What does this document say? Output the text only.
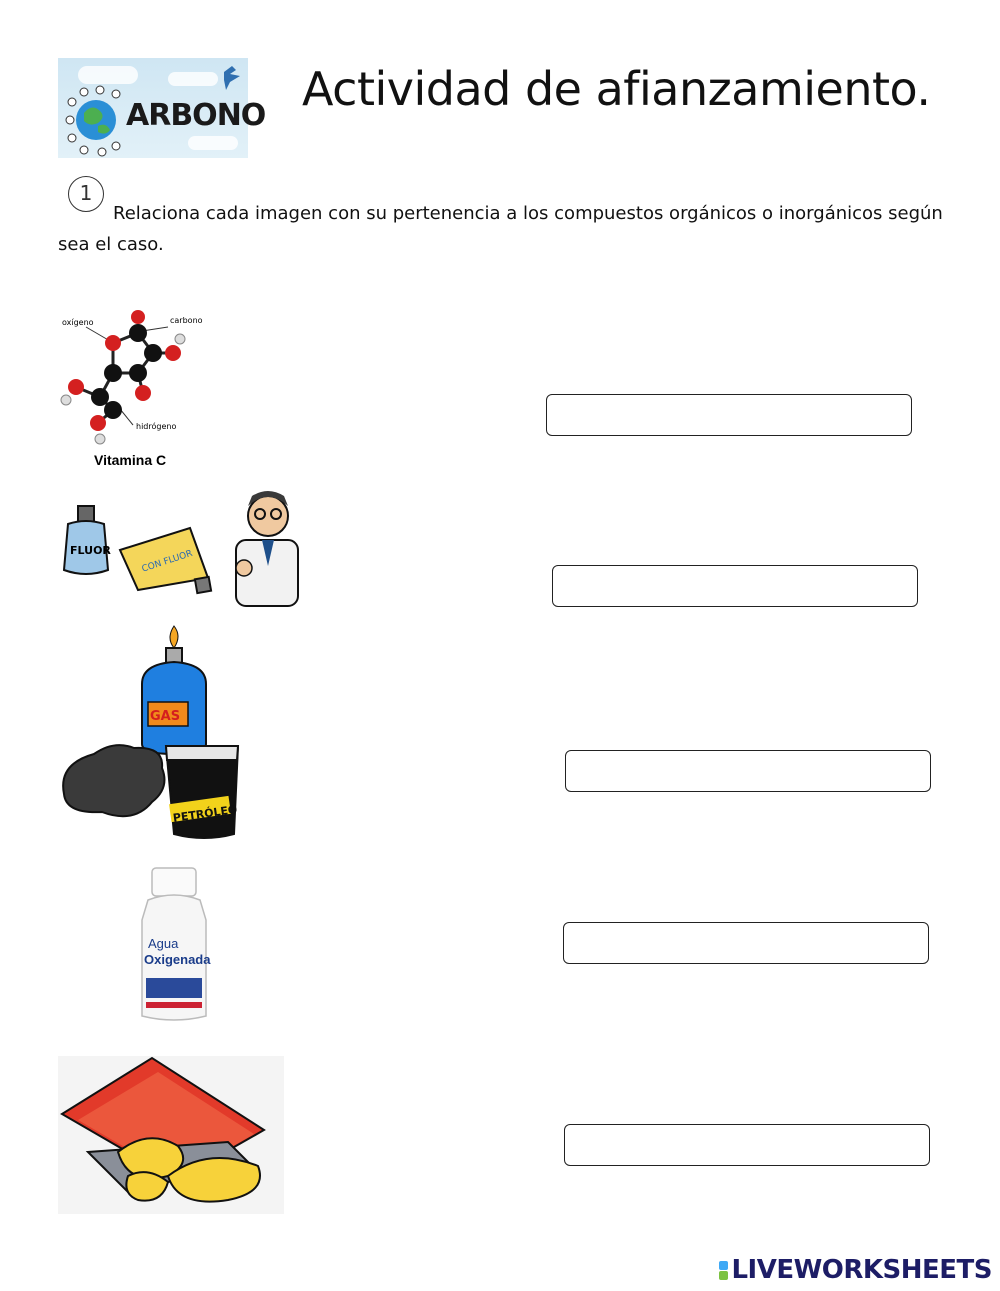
ARBONO Actividad de afianzamiento.
1
Relaciona cada imagen con su pertenencia a los compuestos orgánicos o inorgánicos según sea el caso.
oxígeno	carbono
hidrógeno
Vitamina C
FLUOR	CON FLUOR
GAS
PETRÓLEO
Agua
Oxigenada
LIVEWORKSHEETS
